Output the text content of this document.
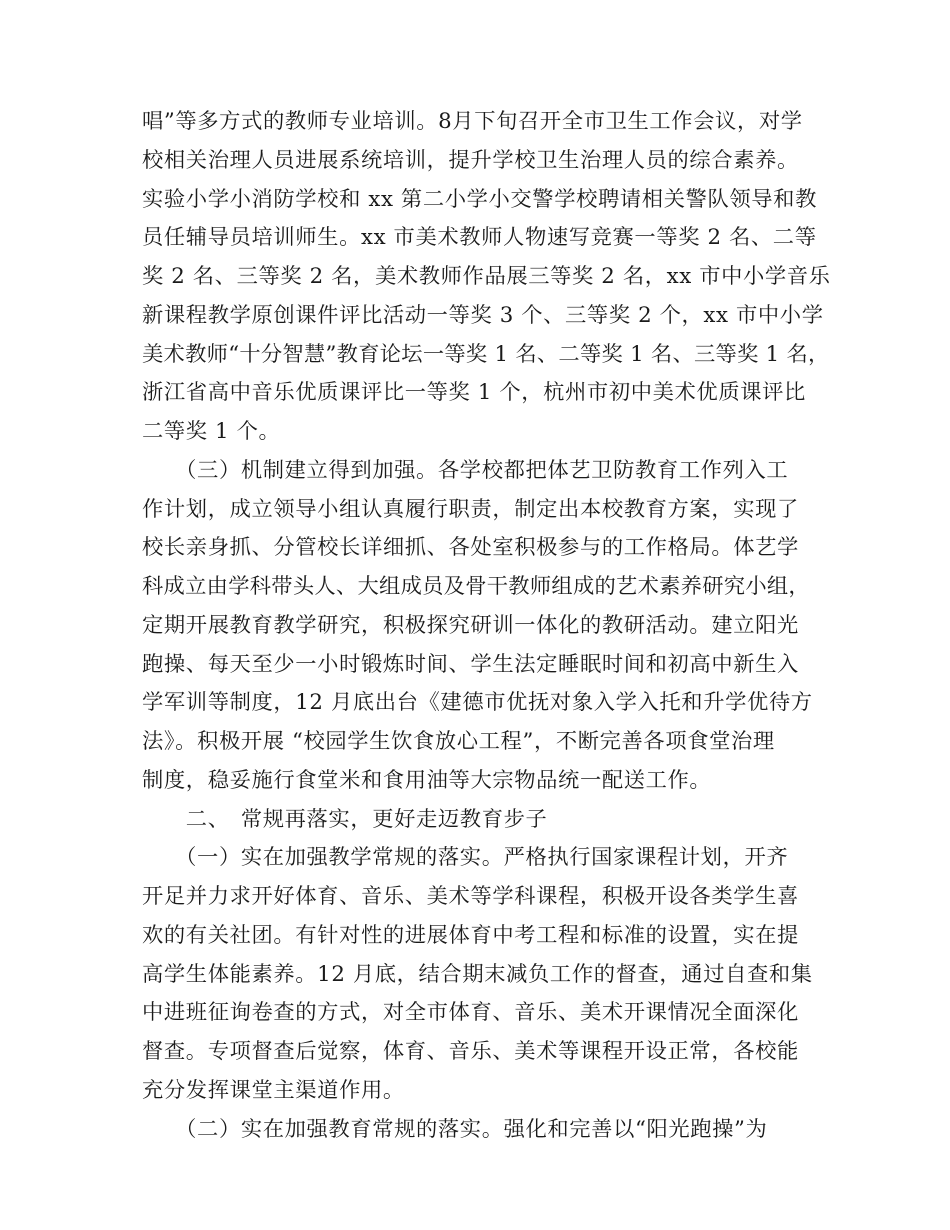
唱”等多方式的教师专业培训。8月下旬召开全市卫生工作会议，对学
校相关治理人员进展系统培训，提升学校卫生治理人员的综合素养。
实验小学小消防学校和 xx 第二小学小交警学校聘请相关警队领导和教
员任辅导员培训师生。xx 市美术教师人物速写竞赛一等奖 2 名、二等
奖 2 名、三等奖 2 名，美术教师作品展三等奖 2 名，xx 市中小学音乐
新课程教学原创课件评比活动一等奖 3 个、三等奖 2 个，xx 市中小学
美术教师“十分智慧”教育论坛一等奖 1 名、二等奖 1 名、三等奖 1 名，
浙江省高中音乐优质课评比一等奖 1 个，杭州市初中美术优质课评比
二等奖 1 个。
　　（三）机制建立得到加强。各学校都把体艺卫防教育工作列入工
作计划，成立领导小组认真履行职责，制定出本校教育方案，实现了
校长亲身抓、分管校长详细抓、各处室积极参与的工作格局。体艺学
科成立由学科带头人、大组成员及骨干教师组成的艺术素养研究小组，
定期开展教育教学研究，积极探究研训一体化的教研活动。建立阳光
跑操、每天至少一小时锻炼时间、学生法定睡眠时间和初高中新生入
学军训等制度，12 月底出台《建德市优抚对象入学入托和升学优待方
法》。积极开展 “校园学生饮食放心工程”，不断完善各项食堂治理
制度，稳妥施行食堂米和食用油等大宗物品统一配送工作。
　　二、　常规再落实，更好走迈教育步子
　　（一）实在加强教学常规的落实。严格执行国家课程计划，开齐
开足并力求开好体育、音乐、美术等学科课程，积极开设各类学生喜
欢的有关社团。有针对性的进展体育中考工程和标准的设置，实在提
高学生体能素养。12 月底，结合期末减负工作的督查，通过自查和集
中进班征询卷查的方式，对全市体育、音乐、美术开课情况全面深化
督查。专项督查后觉察，体育、音乐、美术等课程开设正常，各校能
充分发挥课堂主渠道作用。
　　（二）实在加强教育常规的落实。强化和完善以“阳光跑操”为
